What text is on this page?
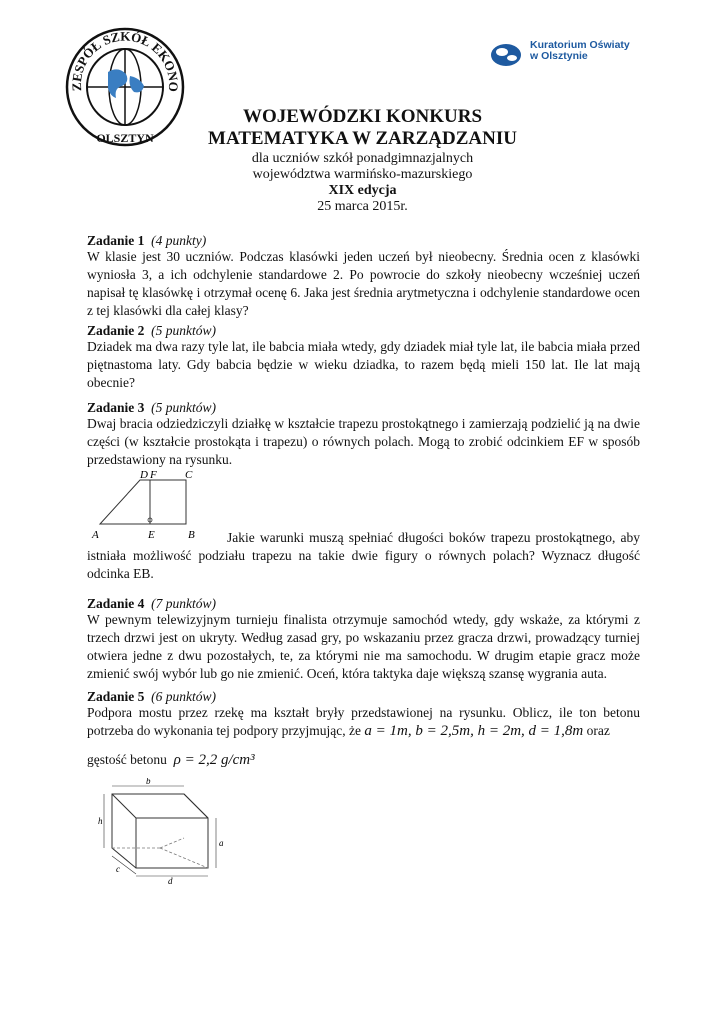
ZESPÓŁ SZKÓŁ EKONO
OLSZTYN
Kuratorium Oświaty
w Olsztynie
WOJEWÓDZKI KONKURS
MATEMATYKA W ZARZĄDZANIU
dla uczniów szkół ponadgimnazjalnych
województwa warmińsko-mazurskiego
XIX edycja
25 marca 2015r.
Zadanie 1 (4 punkty)
W klasie jest 30 uczniów. Podczas klasówki jeden uczeń był nieobecny. Średnia ocen z klasówki wyniosła 3, a ich odchylenie standardowe 2. Po powrocie do szkoły nieobecny wcześniej uczeń napisał tę klasówkę i otrzymał ocenę 6. Jaka jest średnia arytmetyczna i odchylenie standardowe ocen z tej klasówki dla całej klasy?
Zadanie 2 (5 punktów)
Dziadek ma dwa razy tyle lat, ile babcia miała wtedy, gdy dziadek miał tyle lat, ile babcia miała przed piętnastoma laty. Gdy babcia będzie w wieku dziadka, to razem będą mieli 150 lat. Ile lat mają obecnie?
Zadanie 3 (5 punktów)
Dwaj bracia odziedziczyli działkę w kształcie trapezu prostokątnego i zamierzają podzielić ją na dwie części (w kształcie prostokąta i trapezu) o równych polach. Mogą to zrobić odcinkiem EF w sposób przedstawiony na rysunku.
A	B
C
D
E
F
Jakie warunki muszą spełniać długości boków trapezu prostokątnego, aby istniała możliwość podziału trapezu na takie dwie figury o równych polach? Wyznacz długość odcinka EB.
Zadanie 4 (7 punktów)
W pewnym telewizyjnym turnieju finalista otrzymuje samochód wtedy, gdy wskaże, za którymi z trzech drzwi jest on ukryty. Według zasad gry, po wskazaniu przez gracza drzwi, prowadzący turniej otwiera jedne z dwu pozostałych, te, za którymi nie ma samochodu. W drugim etapie gracz może zmienić swój wybór lub go nie zmienić. Oceń, która taktyka daje większą szansę wygrania auta.
Zadanie 5 (6 punktów)
Podpora mostu przez rzekę ma kształt bryły przedstawionej na rysunku. Oblicz, ile ton betonu potrzeba do wykonania tej podpory przyjmując, że a = 1m, b = 2,5m, h = 2m, d = 1,8m oraz
gęstość betonu ρ = 2,2 g/cm³
b
h
a
d
c
